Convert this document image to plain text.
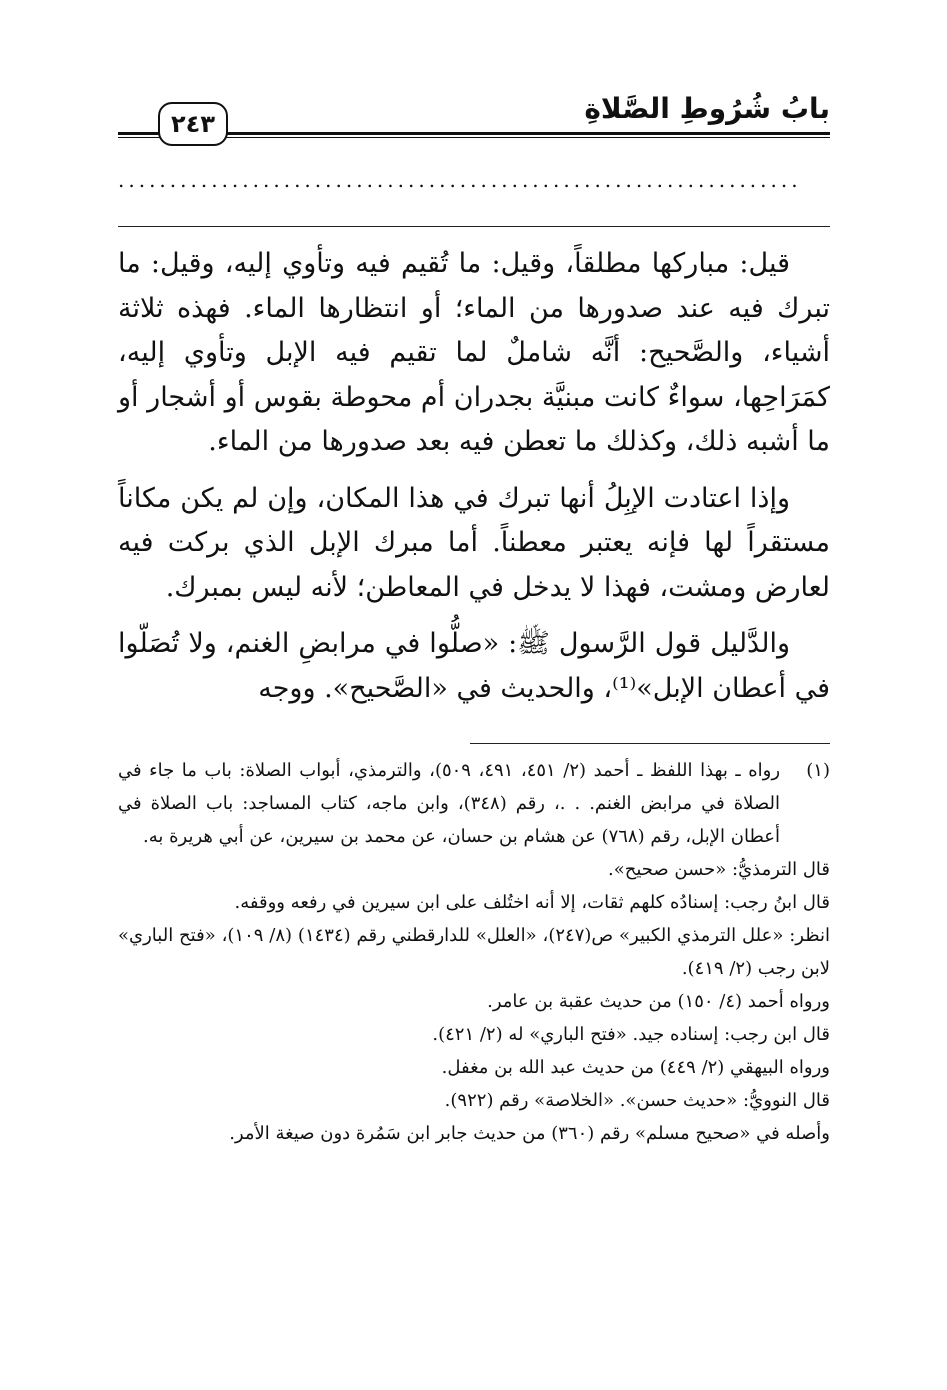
بابُ شُرُوطِ الصَّلاةِ
٢٤٣
..................................................................

قيل: مباركها مطلقاً، وقيل: ما تُقيم فيه وتأوي إليه، وقيل: ما تبرك فيه عند صدورها من الماء؛ أو انتظارها الماء. فهذه ثلاثة أشياء، والصَّحيح: أنَّه شاملٌ لما تقيم فيه الإبل وتأوي إليه، كمَرَاحِها، سواءٌ كانت مبنيَّة بجدران أم محوطة بقوس أو أشجار أو ما أشبه ذلك، وكذلك ما تعطن فيه بعد صدورها من الماء.

وإذا اعتادت الإبِلُ أنها تبرك في هذا المكان، وإن لم يكن مكاناً مستقراً لها فإنه يعتبر معطناً. أما مبرك الإبل الذي بركت فيه لعارض ومشت، فهذا لا يدخل في المعاطن؛ لأنه ليس بمبرك.

والدَّليل قول الرَّسول ﷺ: «صلُّوا في مرابضِ الغنم، ولا تُصَلّوا في أعطان الإبل»⁽¹⁾، والحديث في «الصَّحيح». ووجه

(١)

رواه ـ بهذا اللفظ ـ أحمد (٢/ ٤٥١، ٤٩١، ٥٠٩)، والترمذي، أبواب الصلاة: باب ما جاء في الصلاة في مرابض الغنم. . .، رقم (٣٤٨)، وابن ماجه، كتاب المساجد: باب الصلاة في أعطان الإبل، رقم (٧٦٨) عن هشام بن حسان، عن محمد بن سيرين، عن أبي هريرة به.

قال الترمذيُّ: «حسن صحيح».

قال ابنُ رجب: إسنادُه كلهم ثقات، إلا أنه اختُلف على ابن سيرين في رفعه ووقفه.

انظر: «علل الترمذي الكبير» ص(٢٤٧)، «العلل» للدارقطني رقم (١٤٣٤) (٨/ ١٠٩)، «فتح الباري» لابن رجب (٢/ ٤١٩).

ورواه أحمد (٤/ ١٥٠) من حديث عقبة بن عامر.

قال ابن رجب: إسناده جيد. «فتح الباري» له (٢/ ٤٢١).

ورواه البيهقي (٢/ ٤٤٩) من حديث عبد الله بن مغفل.

قال النوويُّ: «حديث حسن». «الخلاصة» رقم (٩٢٢).

وأصله في «صحيح مسلم» رقم (٣٦٠) من حديث جابر ابن سَمُرة دون صيغة الأمر.
